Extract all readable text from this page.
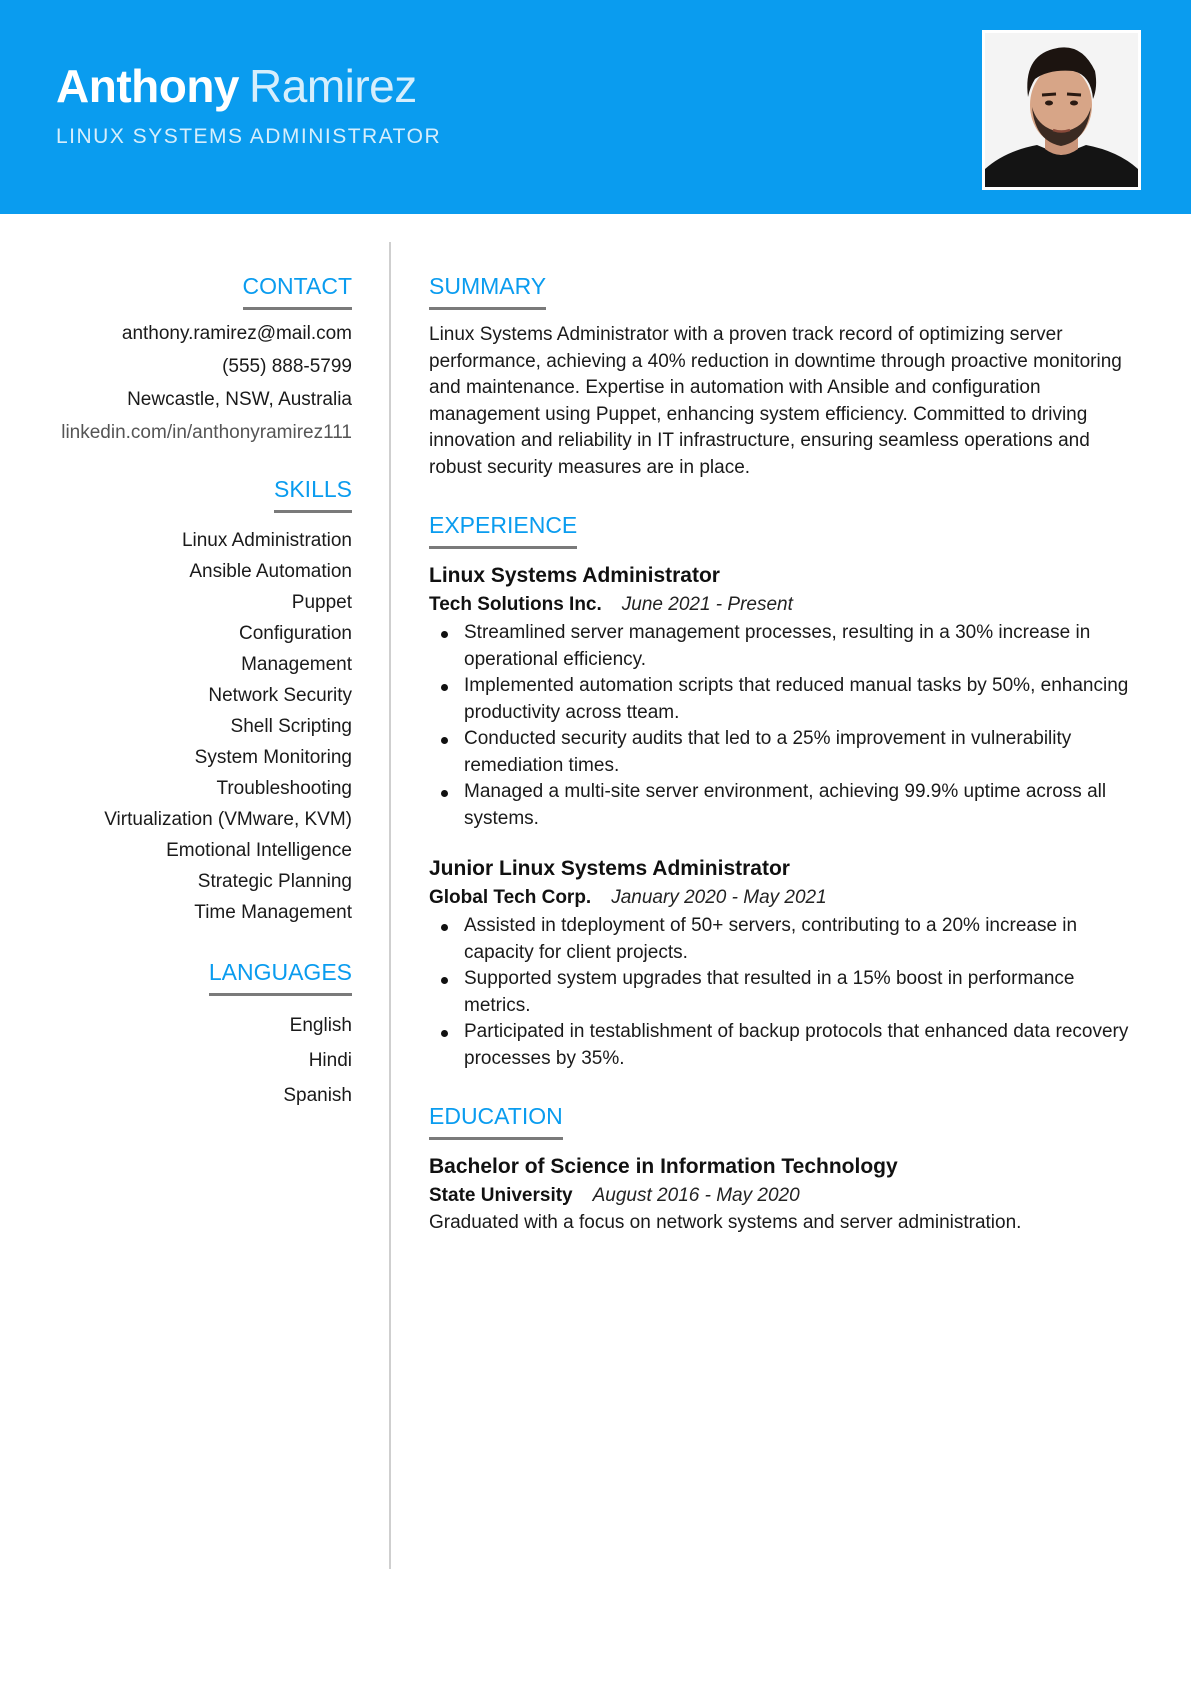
Anthony Ramirez
LINUX SYSTEMS ADMINISTRATOR
CONTACT
anthony.ramirez@mail.com
(555) 888-5799
Newcastle, NSW, Australia
linkedin.com/in/anthonyramirez111
SKILLS
Linux Administration
Ansible Automation
Puppet Configuration Management
Network Security
Shell Scripting
System Monitoring
Troubleshooting
Virtualization (VMware, KVM)
Emotional Intelligence
Strategic Planning
Time Management
LANGUAGES
English
Hindi
Spanish
SUMMARY

Linux Systems Administrator with a proven track record of optimizing server performance, achieving a 40% reduction in downtime through proactive monitoring and maintenance. Expertise in automation with Ansible and configuration management using Puppet, enhancing system efficiency. Committed to driving innovation and reliability in IT infrastructure, ensuring seamless operations and robust security measures are in place.

EXPERIENCE
Linux Systems Administrator
Tech Solutions Inc. June 2021 - Present
Streamlined server management processes, resulting in a 30% increase in operational efficiency.
Implemented automation scripts that reduced manual tasks by 50%, enhancing productivity across tteam.
Conducted security audits that led to a 25% improvement in vulnerability remediation times.
Managed a multi-site server environment, achieving 99.9% uptime across all systems.
Junior Linux Systems Administrator
Global Tech Corp. January 2020 - May 2021
Assisted in tdeployment of 50+ servers, contributing to a 20% increase in capacity for client projects.
Supported system upgrades that resulted in a 15% boost in performance metrics.
Participated in testablishment of backup protocols that enhanced data recovery processes by 35%.
EDUCATION
Bachelor of Science in Information Technology
State University August 2016 - May 2020
Graduated with a focus on network systems and server administration.
